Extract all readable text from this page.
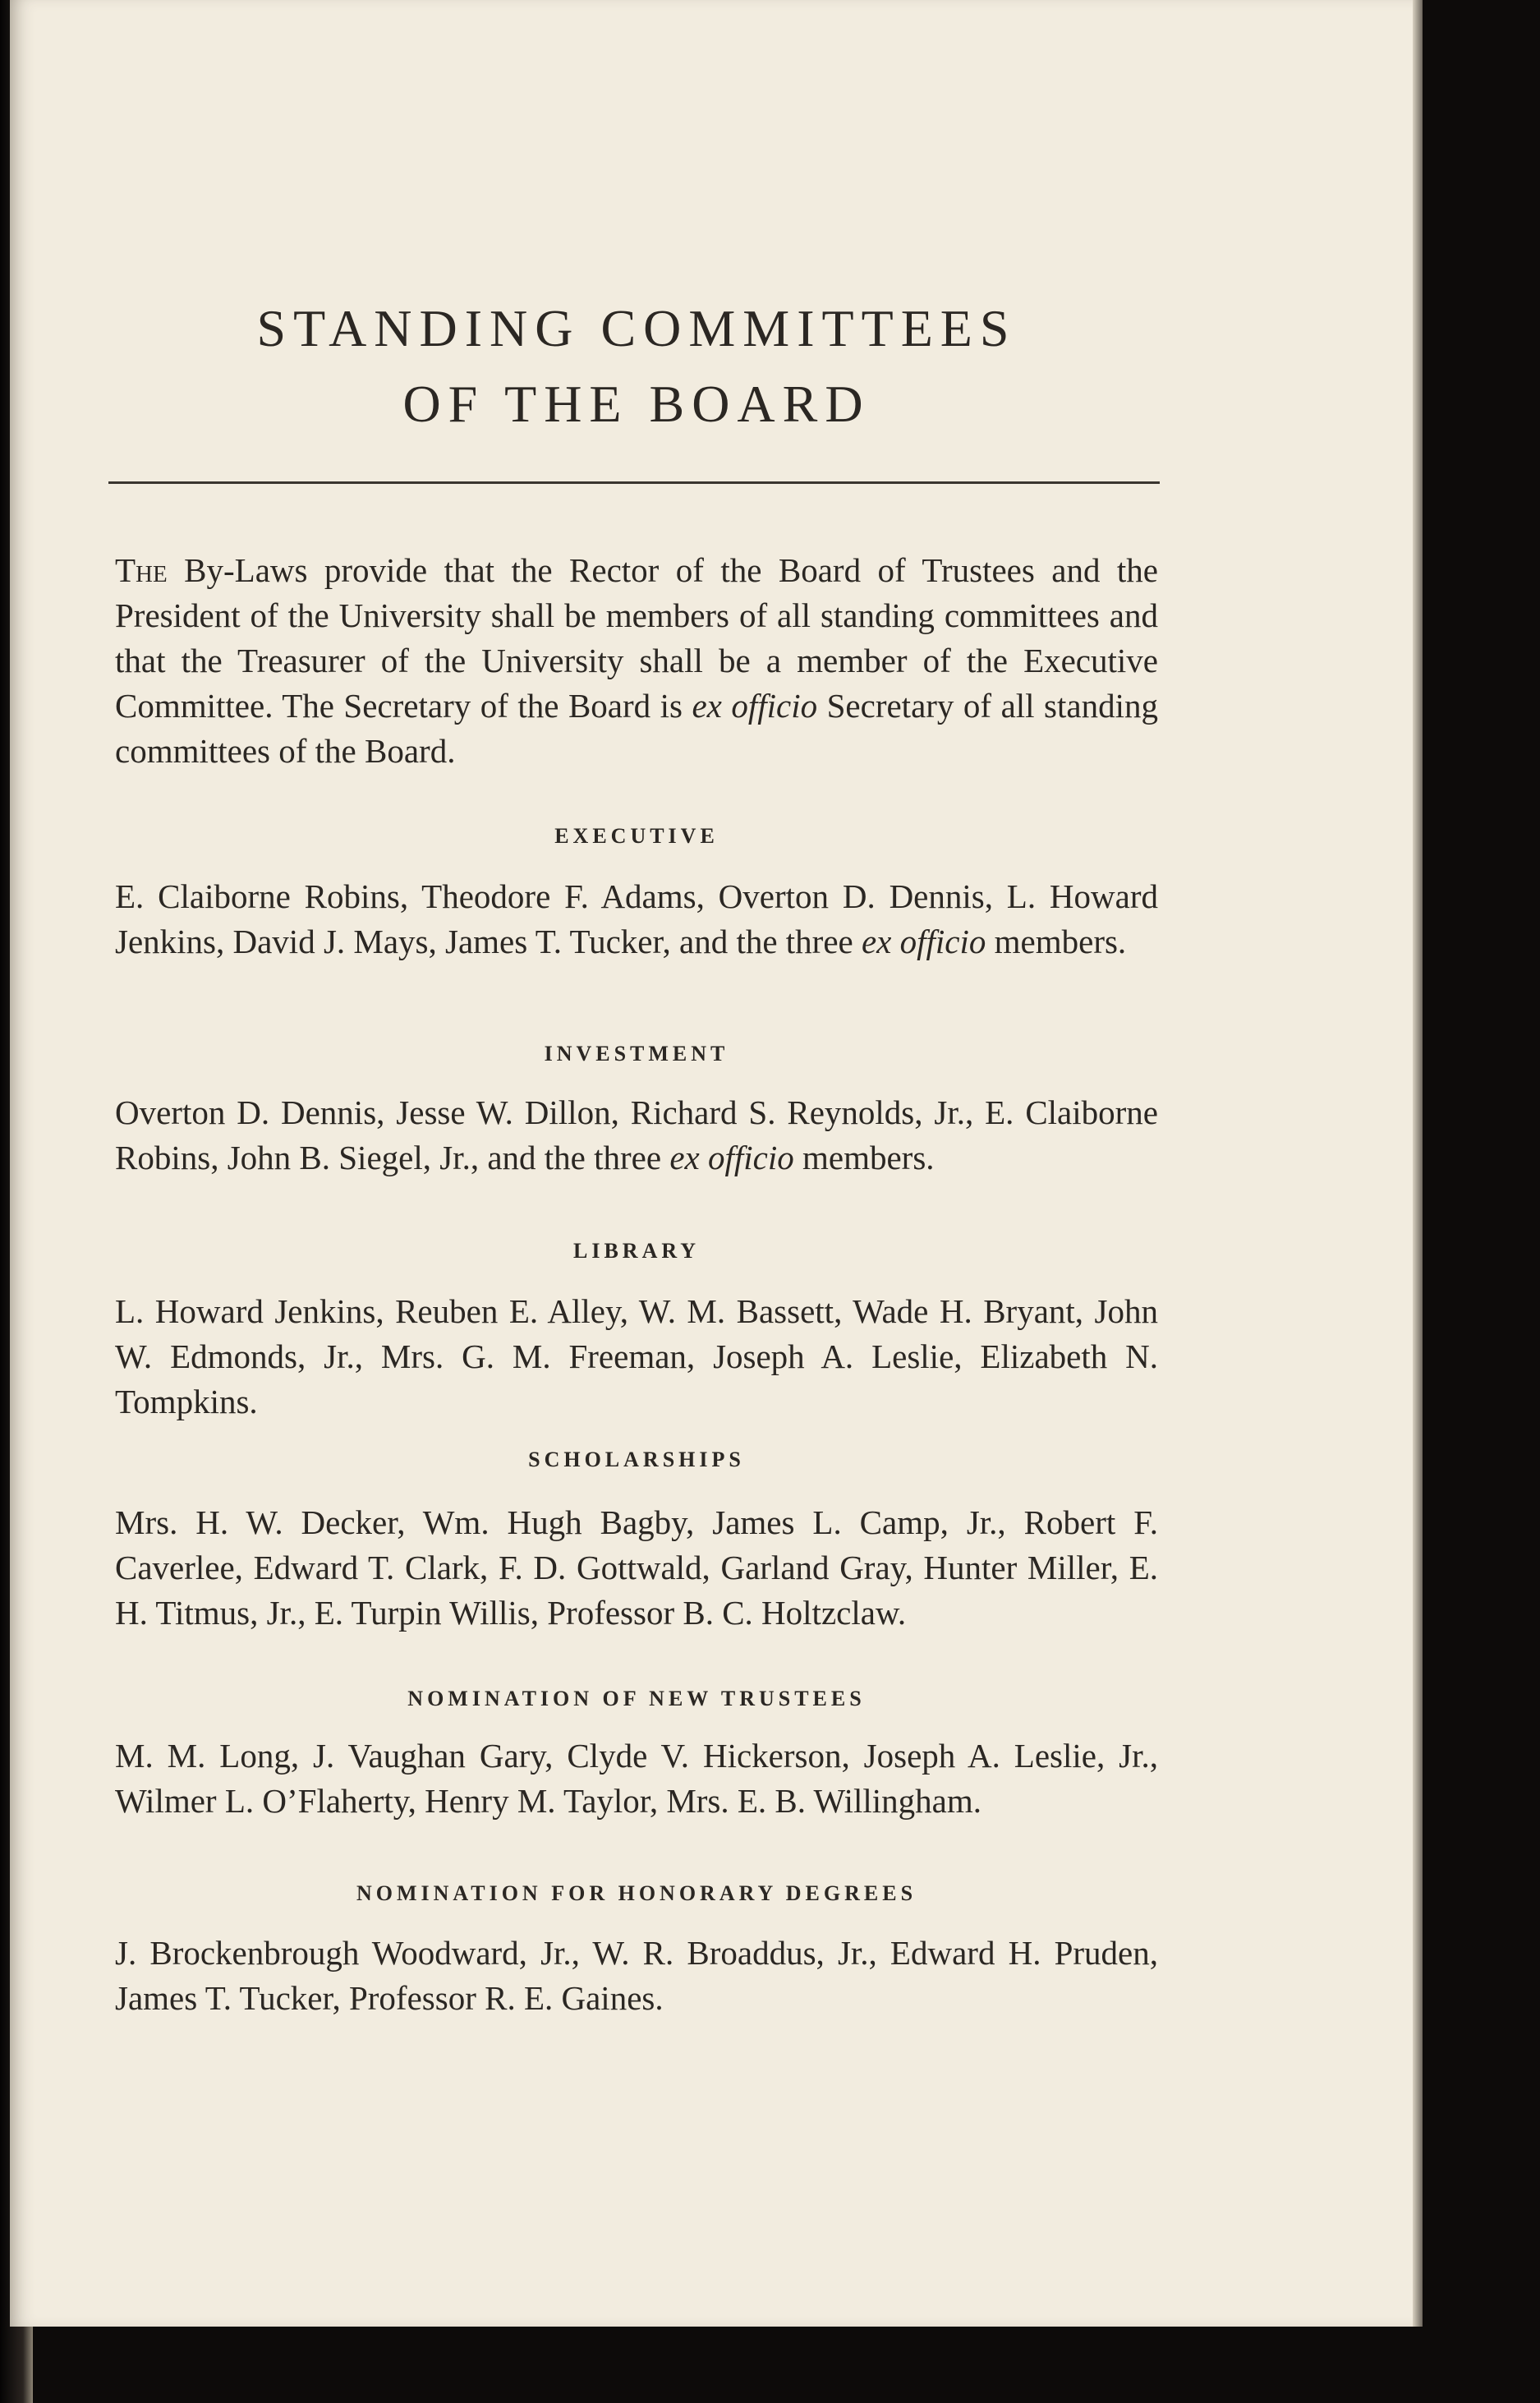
STANDING COMMITTEES
OF THE BOARD

The By-Laws provide that the Rector of the Board of Trustees and the President of the University shall be members of all standing committees and that the Treasurer of the University shall be a member of the Executive Committee. The Secretary of the Board is ex officio Secretary of all standing committees of the Board.

EXECUTIVE

E. Claiborne Robins, Theodore F. Adams, Overton D. Dennis, L. Howard Jenkins, David J. Mays, James T. Tucker, and the three ex officio members.

INVESTMENT

Overton D. Dennis, Jesse W. Dillon, Richard S. Reynolds, Jr., E. Claiborne Robins, John B. Siegel, Jr., and the three ex officio members.

LIBRARY

L. Howard Jenkins, Reuben E. Alley, W. M. Bassett, Wade H. Bryant, John W. Edmonds, Jr., Mrs. G. M. Freeman, Joseph A. Leslie, Elizabeth N. Tompkins.

SCHOLARSHIPS

Mrs. H. W. Decker, Wm. Hugh Bagby, James L. Camp, Jr., Robert F. Caverlee, Edward T. Clark, F. D. Gottwald, Garland Gray, Hunter Miller, E. H. Titmus, Jr., E. Turpin Willis, Professor B. C. Holtzclaw.

NOMINATION OF NEW TRUSTEES

M. M. Long, J. Vaughan Gary, Clyde V. Hickerson, Joseph A. Leslie, Jr., Wilmer L. O’Flaherty, Henry M. Taylor, Mrs. E. B. Willingham.

NOMINATION FOR HONORARY DEGREES

J. Brockenbrough Woodward, Jr., W. R. Broaddus, Jr., Edward H. Pruden, James T. Tucker, Professor R. E. Gaines.
